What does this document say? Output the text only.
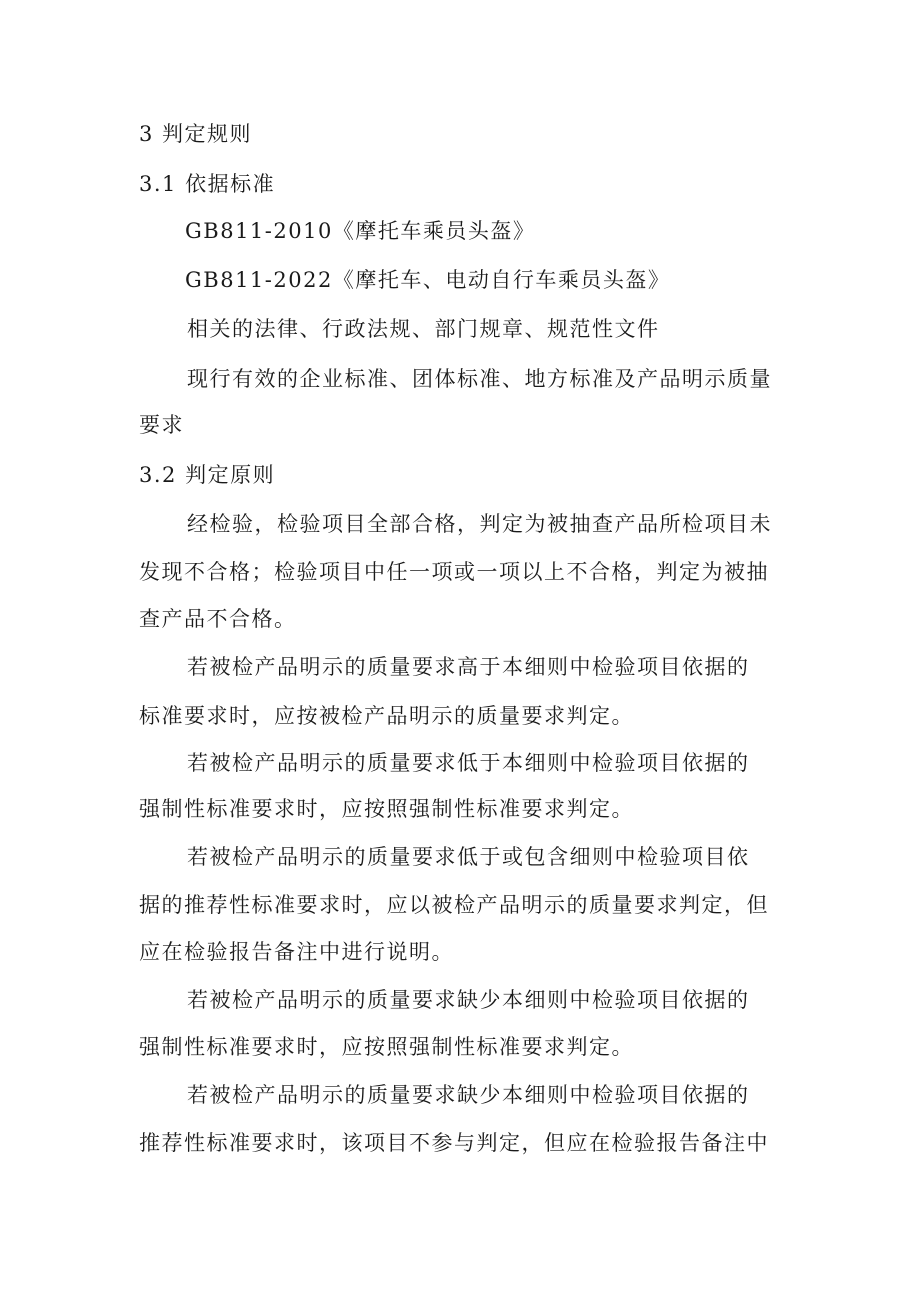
3 判定规则
3.1 依据标准
GB811-2010《摩托车乘员头盔》
GB811-2022《摩托车、电动自行车乘员头盔》
相关的法律、行政法规、部门规章、规范性文件
现行有效的企业标准、团体标准、地方标准及产品明示质量
要求
3.2 判定原则
经检验，检验项目全部合格，判定为被抽查产品所检项目未
发现不合格；检验项目中任一项或一项以上不合格，判定为被抽
查产品不合格。
若被检产品明示的质量要求高于本细则中检验项目依据的
标准要求时，应按被检产品明示的质量要求判定。
若被检产品明示的质量要求低于本细则中检验项目依据的
强制性标准要求时，应按照强制性标准要求判定。
若被检产品明示的质量要求低于或包含细则中检验项目依
据的推荐性标准要求时，应以被检产品明示的质量要求判定，但
应在检验报告备注中进行说明。
若被检产品明示的质量要求缺少本细则中检验项目依据的
强制性标准要求时，应按照强制性标准要求判定。
若被检产品明示的质量要求缺少本细则中检验项目依据的
推荐性标准要求时，该项目不参与判定，但应在检验报告备注中
